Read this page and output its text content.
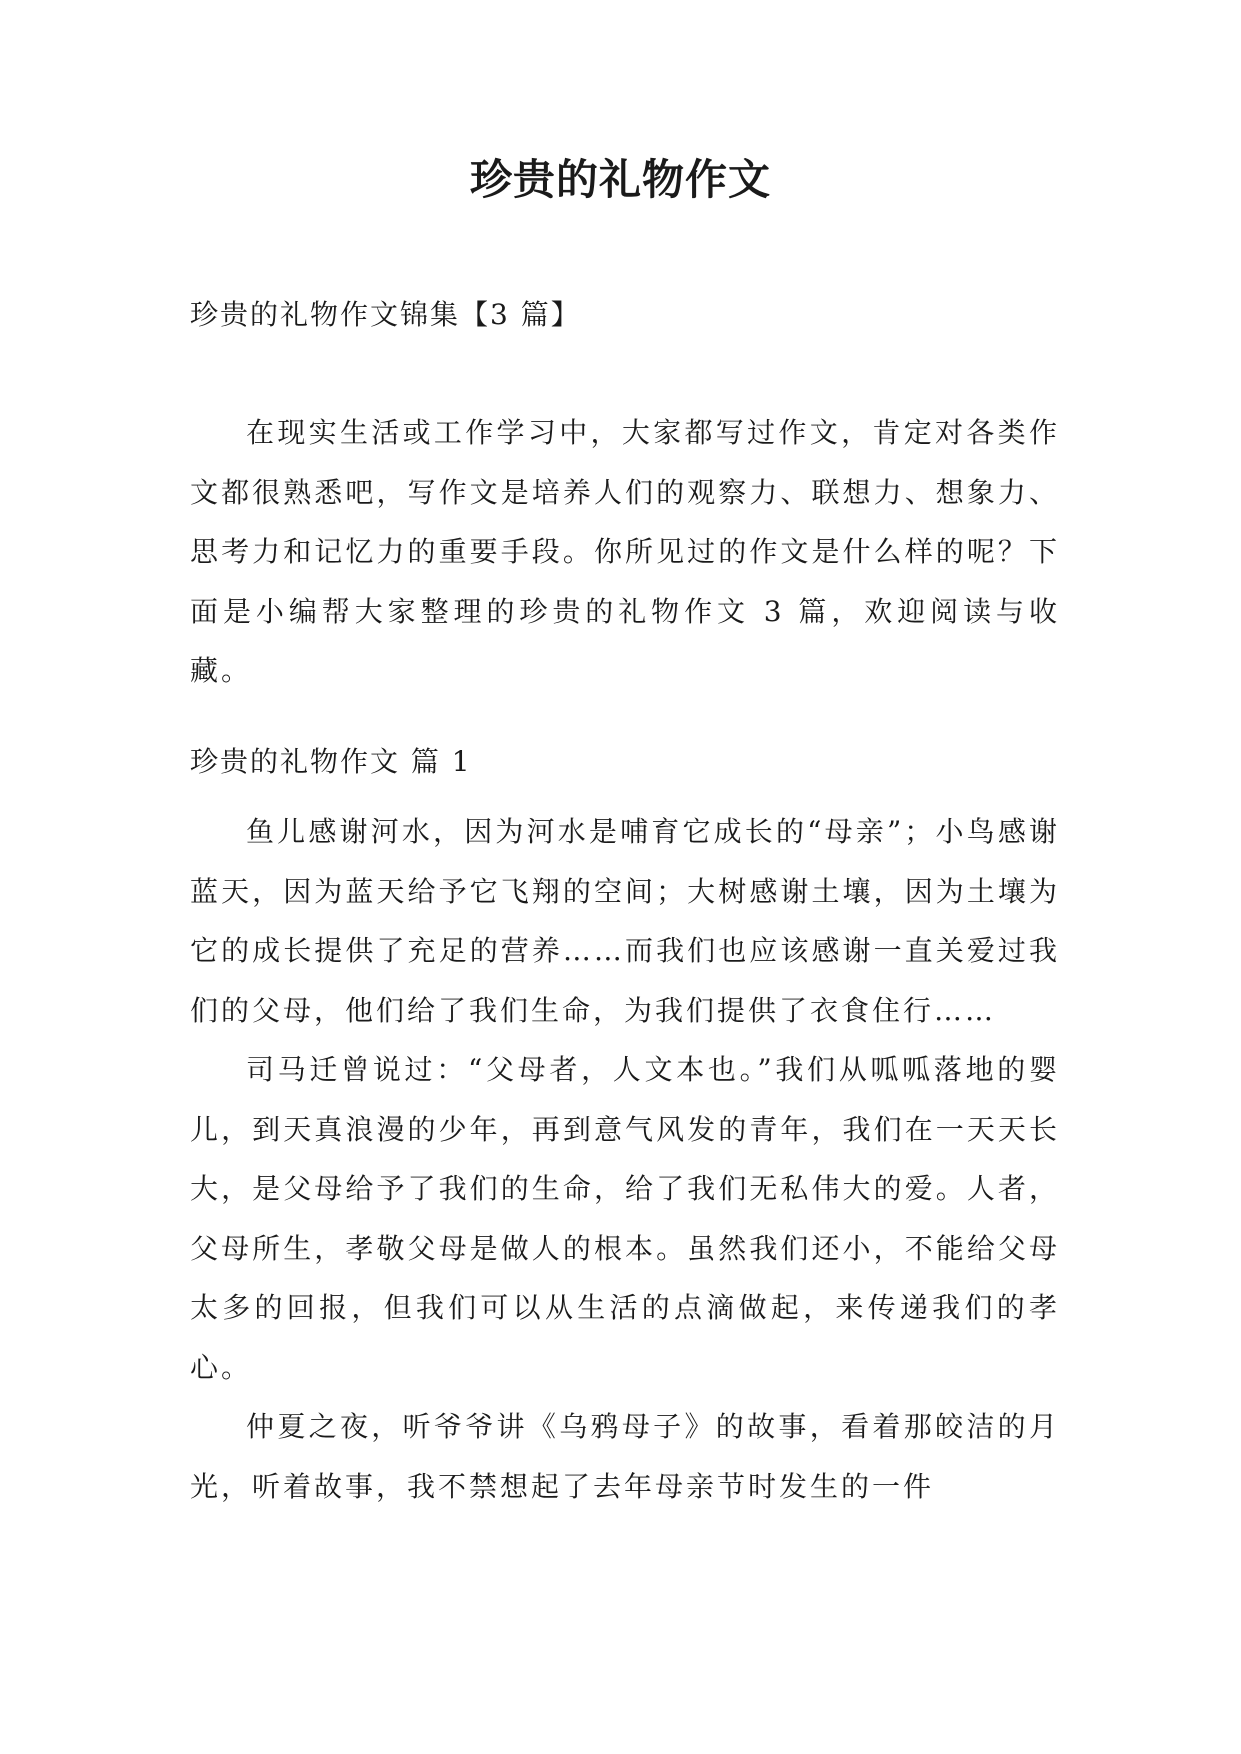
珍贵的礼物作文

珍贵的礼物作文锦集【3 篇】

在现实生活或工作学习中，大家都写过作文，肯定对各类作文都很熟悉吧，写作文是培养人们的观察力、联想力、想象力、思考力和记忆力的重要手段。你所见过的作文是什么样的呢？下面是小编帮大家整理的珍贵的礼物作文 3 篇，欢迎阅读与收藏。

珍贵的礼物作文 篇 1

鱼儿感谢河水，因为河水是哺育它成长的“母亲”；小鸟感谢蓝天，因为蓝天给予它飞翔的空间；大树感谢土壤，因为土壤为它的成长提供了充足的营养……而我们也应该感谢一直关爱过我们的父母，他们给了我们生命，为我们提供了衣食住行……

司马迁曾说过：“父母者，人文本也。”我们从呱呱落地的婴儿，到天真浪漫的少年，再到意气风发的青年，我们在一天天长大，是父母给予了我们的生命，给了我们无私伟大的爱。人者，父母所生，孝敬父母是做人的根本。虽然我们还小，不能给父母太多的回报，但我们可以从生活的点滴做起，来传递我们的孝心。

仲夏之夜，听爷爷讲《乌鸦母子》的故事，看着那皎洁的月光，听着故事，我不禁想起了去年母亲节时发生的一件
